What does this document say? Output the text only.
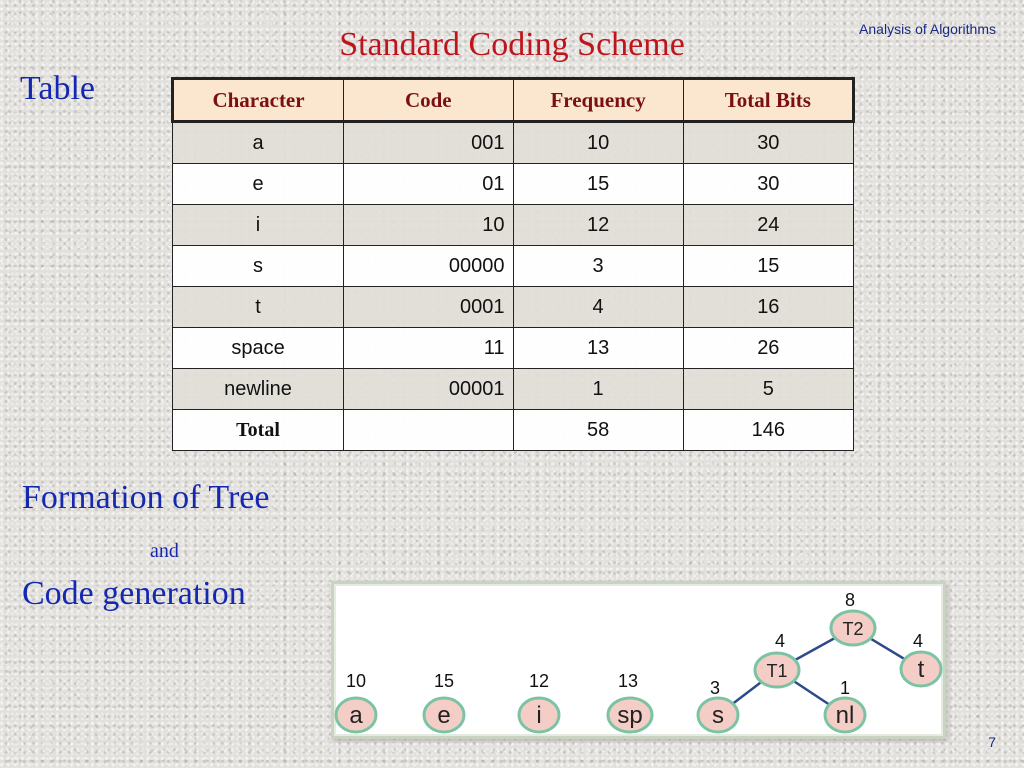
Standard Coding Scheme	Analysis of Algorithms
Table	Character	Code	Frequency	Total Bits
a	001	10	30
e	01	15	30
i	10	12	24
s	00000	3	15
t	0001	4	16
space	11	13	26
newline	00001	1	5
Total		58	146
Formation of Tree
and
Code generation
10
a
15
e
12
i
13
sp
3
s
1
nl
4
t
4
T1
8
T2
7
